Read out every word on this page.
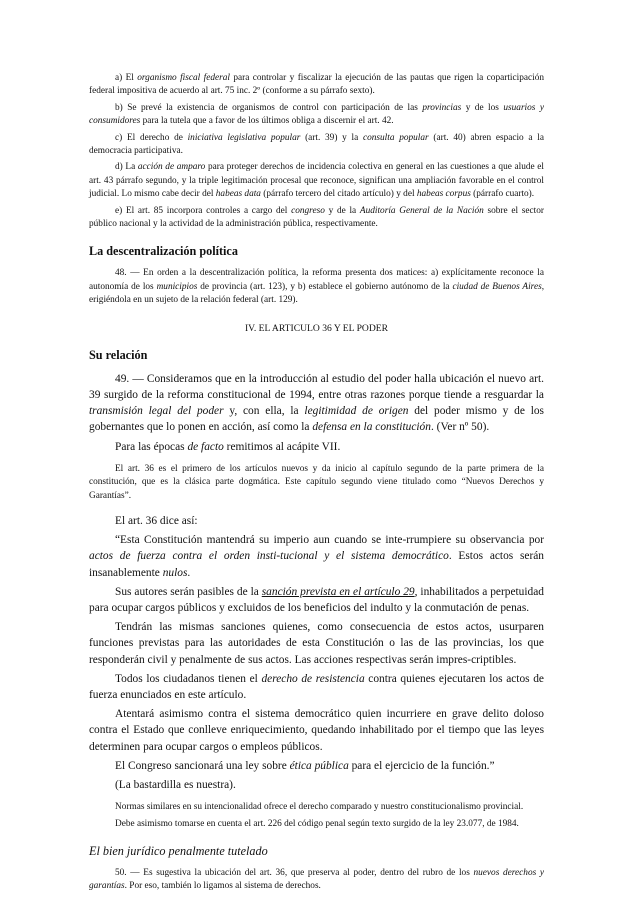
a) El organismo fiscal federal para controlar y fiscalizar la ejecución de las pautas que rigen la coparticipación federal impositiva de acuerdo al art. 75 inc. 2º (conforme a su párrafo sexto).

b) Se prevé la existencia de organismos de control con participación de las provincias y de los usuarios y consumidores para la tutela que a favor de los últimos obliga a discernir el art. 42.

c) El derecho de iniciativa legislativa popular (art. 39) y la consulta popular (art. 40) abren espacio a la democracia participativa.

d) La acción de amparo para proteger derechos de incidencia colectiva en general en las cuestiones a que alude el art. 43 párrafo segundo, y la triple legitimación procesal que reconoce, significan una ampliación favorable en el control judicial. Lo mismo cabe decir del habeas data (párrafo tercero del citado artículo) y del habeas corpus (párrafo cuarto).

e) El art. 85 incorpora controles a cargo del congreso y de la Auditoría General de la Nación sobre el sector público nacional y la actividad de la administración pública, respectivamente.

La descentralización política

48. — En orden a la descentralización política, la reforma presenta dos matices: a) explícitamente reconoce la autonomía de los municipios de provincia (art. 123), y b) establece el gobierno autónomo de la ciudad de Buenos Aires, erigiéndola en un sujeto de la relación federal (art. 129).

IV. EL ARTICULO 36 Y EL PODER

Su relación

49. — Consideramos que en la introducción al estudio del poder halla ubicación el nuevo art. 39 surgido de la reforma constitucional de 1994, entre otras razones porque tiende a resguardar la transmisión legal del poder y, con ella, la legitimidad de origen del poder mismo y de los gobernantes que lo ponen en acción, así como la defensa en la constitución. (Ver nº 50).

Para las épocas de facto remitimos al acápite VII.

El art. 36 es el primero de los artículos nuevos y da inicio al capítulo segundo de la parte primera de la constitución, que es la clásica parte dogmática. Este capítulo segundo viene titulado como “Nuevos Derechos y Garantías”.

El art. 36 dice así:

“Esta Constitución mantendrá su imperio aun cuando se inte-rrumpiere su observancia por actos de fuerza contra el orden insti-tucional y el sistema democrático. Estos actos serán insanablemente nulos.

Sus autores serán pasibles de la sanción prevista en el artículo 29, inhabilitados a perpetuidad para ocupar cargos públicos y excluidos de los beneficios del indulto y la conmutación de penas.

Tendrán las mismas sanciones quienes, como consecuencia de estos actos, usurparen funciones previstas para las autoridades de esta Constitución o las de las provincias, los que responderán civil y penalmente de sus actos. Las acciones respectivas serán impres-criptibles.

Todos los ciudadanos tienen el derecho de resistencia contra quienes ejecutaren los actos de fuerza enunciados en este artículo.

Atentará asimismo contra el sistema democrático quien incurriere en grave delito doloso contra el Estado que conlleve enriquecimiento, quedando inhabilitado por el tiempo que las leyes determinen para ocupar cargos o empleos públicos.

El Congreso sancionará una ley sobre ética pública para el ejercicio de la función.”

(La bastardilla es nuestra).

Normas similares en su intencionalidad ofrece el derecho comparado y nuestro constitucionalismo provincial.

Debe asimismo tomarse en cuenta el art. 226 del código penal según texto surgido de la ley 23.077, de 1984.

El bien jurídico penalmente tutelado

50. — Es sugestiva la ubicación del art. 36, que preserva al poder, dentro del rubro de los nuevos derechos y garantías. Por eso, también lo ligamos al sistema de derechos.
